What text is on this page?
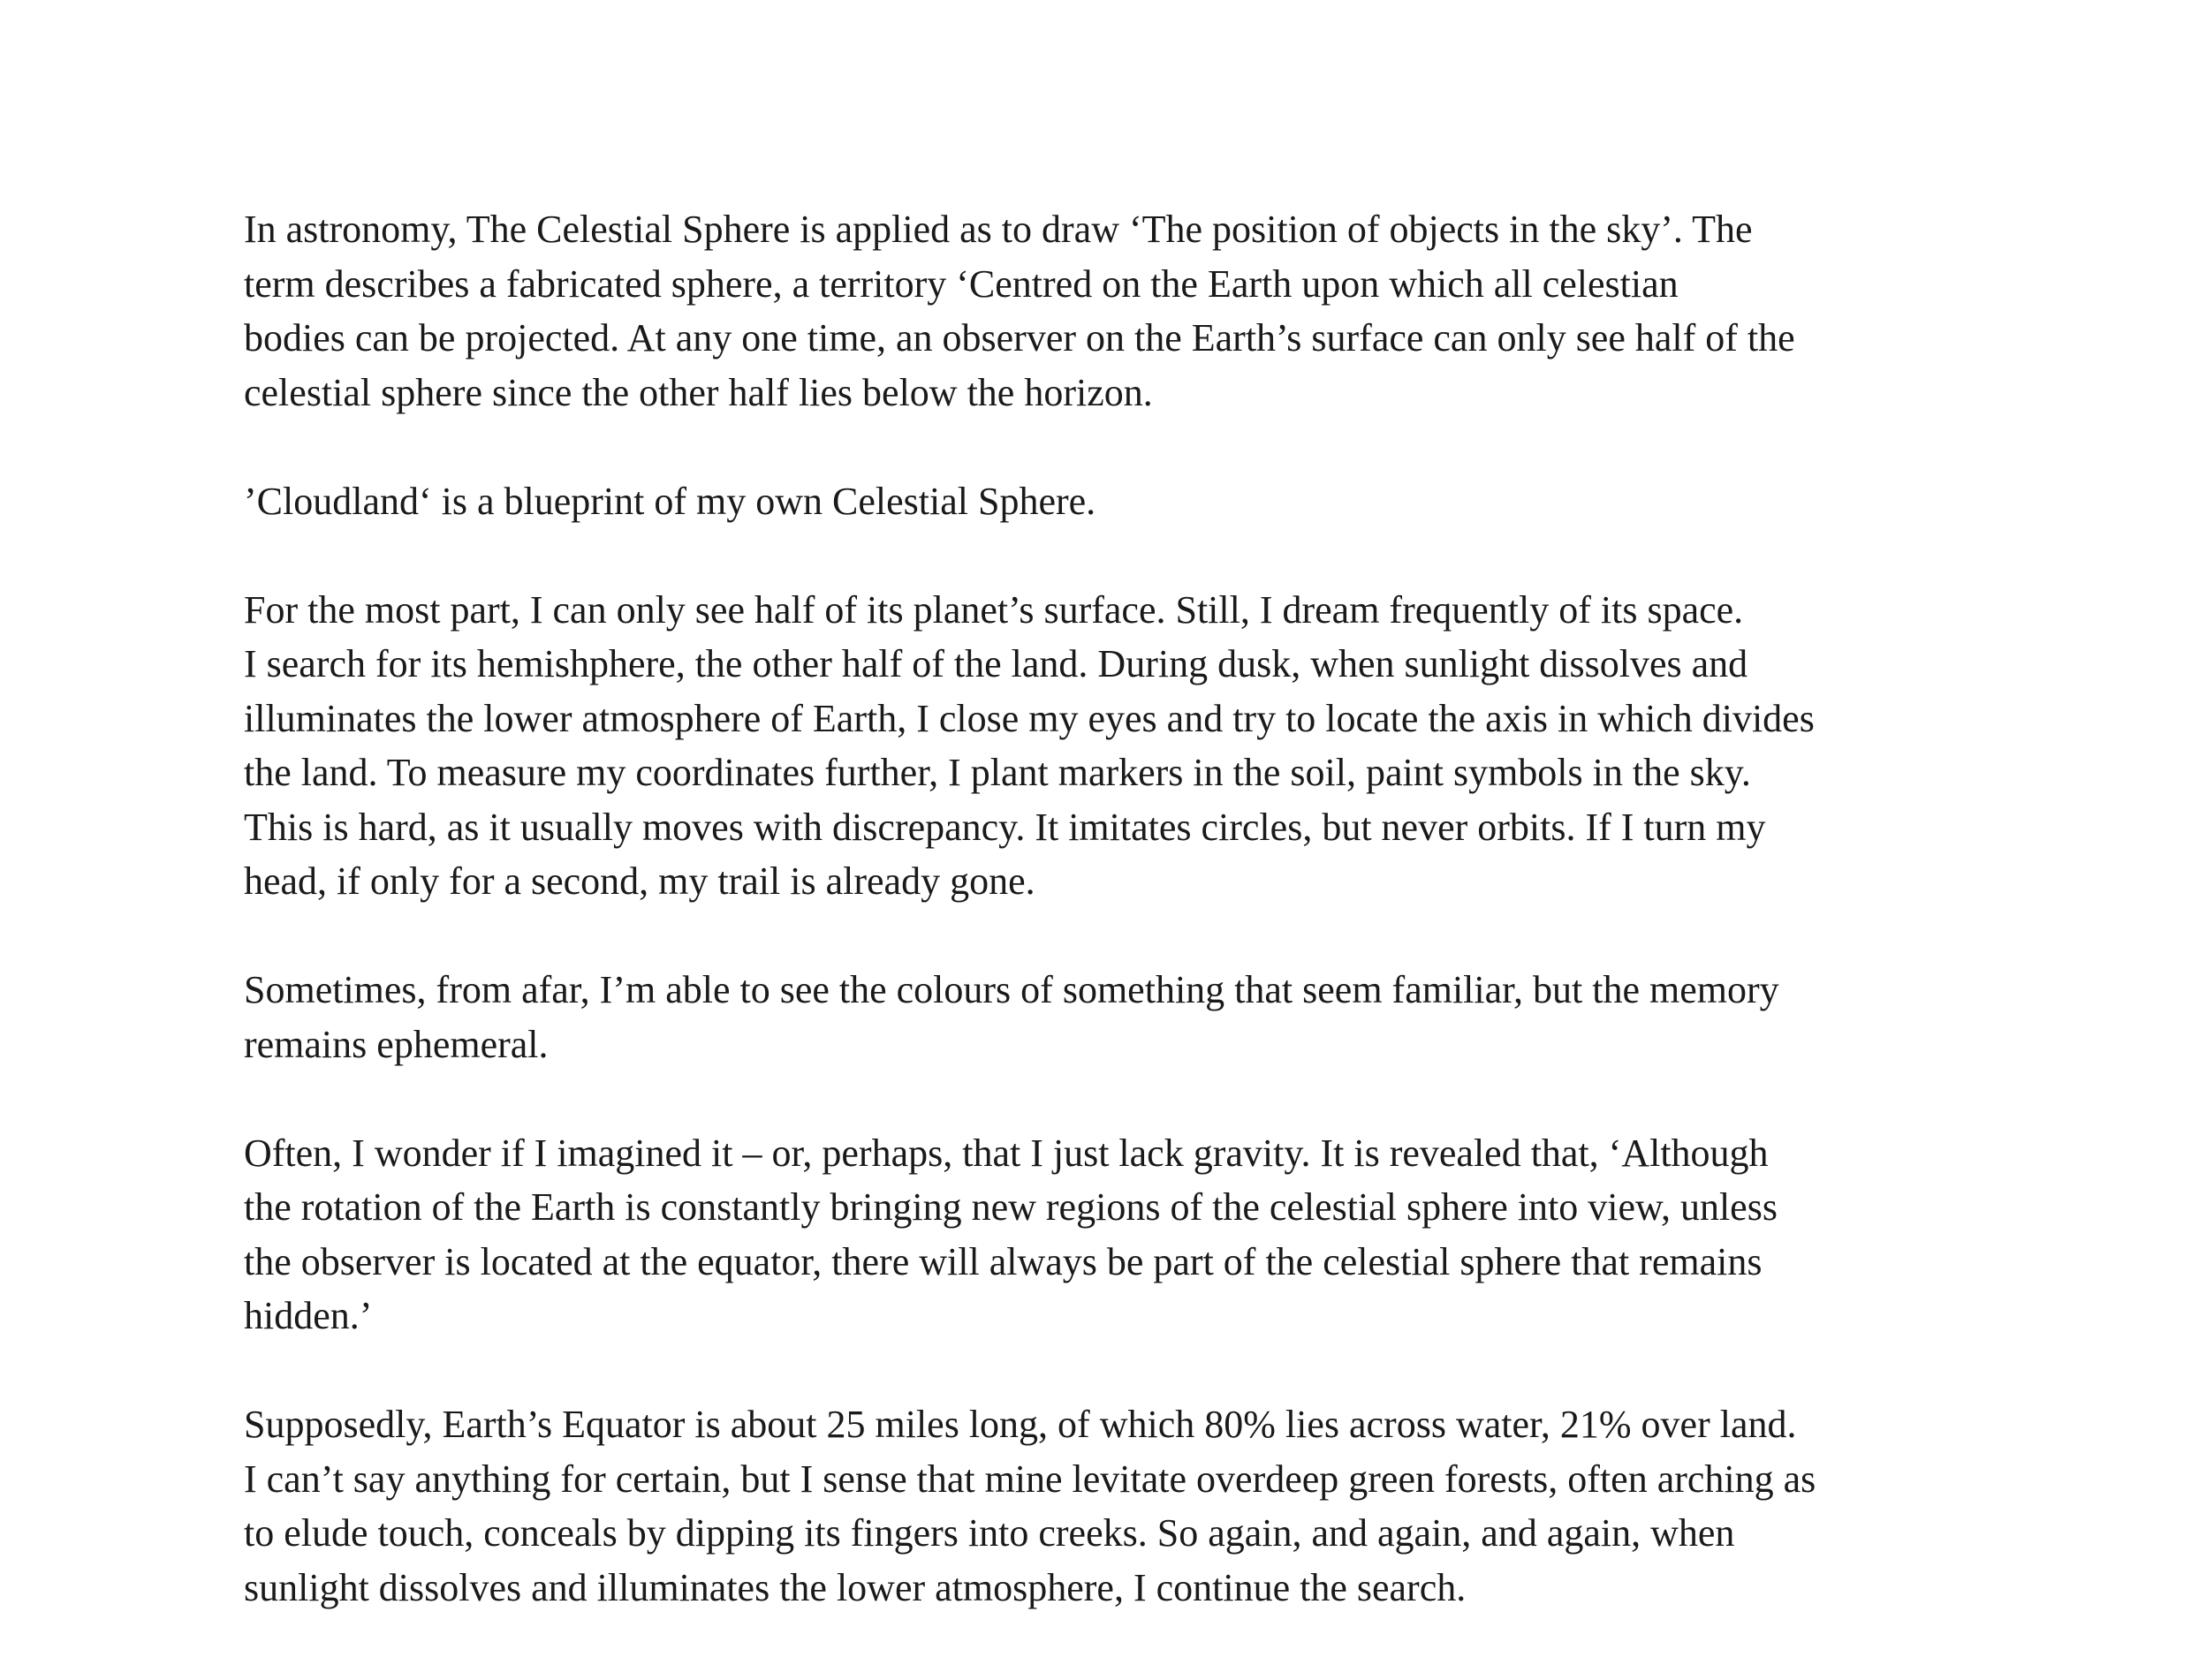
In astronomy, The Celestial Sphere is applied as to draw ‘The position of objects in the sky’. The
term describes a fabricated sphere, a territory ‘Centred on the Earth upon which all celestian
bodies can be projected. At any one time, an observer on the Earth’s surface can only see half of the
celestial sphere since the other half lies below the horizon.
’Cloudland‘ is a blueprint of my own Celestial Sphere.
For the most part, I can only see half of its planet’s surface. Still, I dream frequently of its space.
I search for its hemishphere, the other half of the land. During dusk, when sunlight dissolves and
illuminates the lower atmosphere of Earth, I close my eyes and try to locate the axis in which divides
the land. To measure my coordinates further, I plant markers in the soil, paint symbols in the sky.
This is hard, as it usually moves with discrepancy. It imitates circles, but never orbits. If I turn my
head, if only for a second, my trail is already gone.
Sometimes, from afar, I’m able to see the colours of something that seem familiar, but the memory
remains ephemeral.
Often, I wonder if I imagined it – or, perhaps, that I just lack gravity. It is revealed that, ‘Although
the rotation of the Earth is constantly bringing new regions of the celestial sphere into view, unless
the observer is located at the equator, there will always be part of the celestial sphere that remains
hidden.’
Supposedly, Earth’s Equator is about 25 miles long, of which 80% lies across water, 21% over land.
I can’t say anything for certain, but I sense that mine levitate overdeep green forests, often arching as
to elude touch, conceals by dipping its fingers into creeks. So again, and again, and again, when
sunlight dissolves and illuminates the lower atmosphere, I continue the search.
